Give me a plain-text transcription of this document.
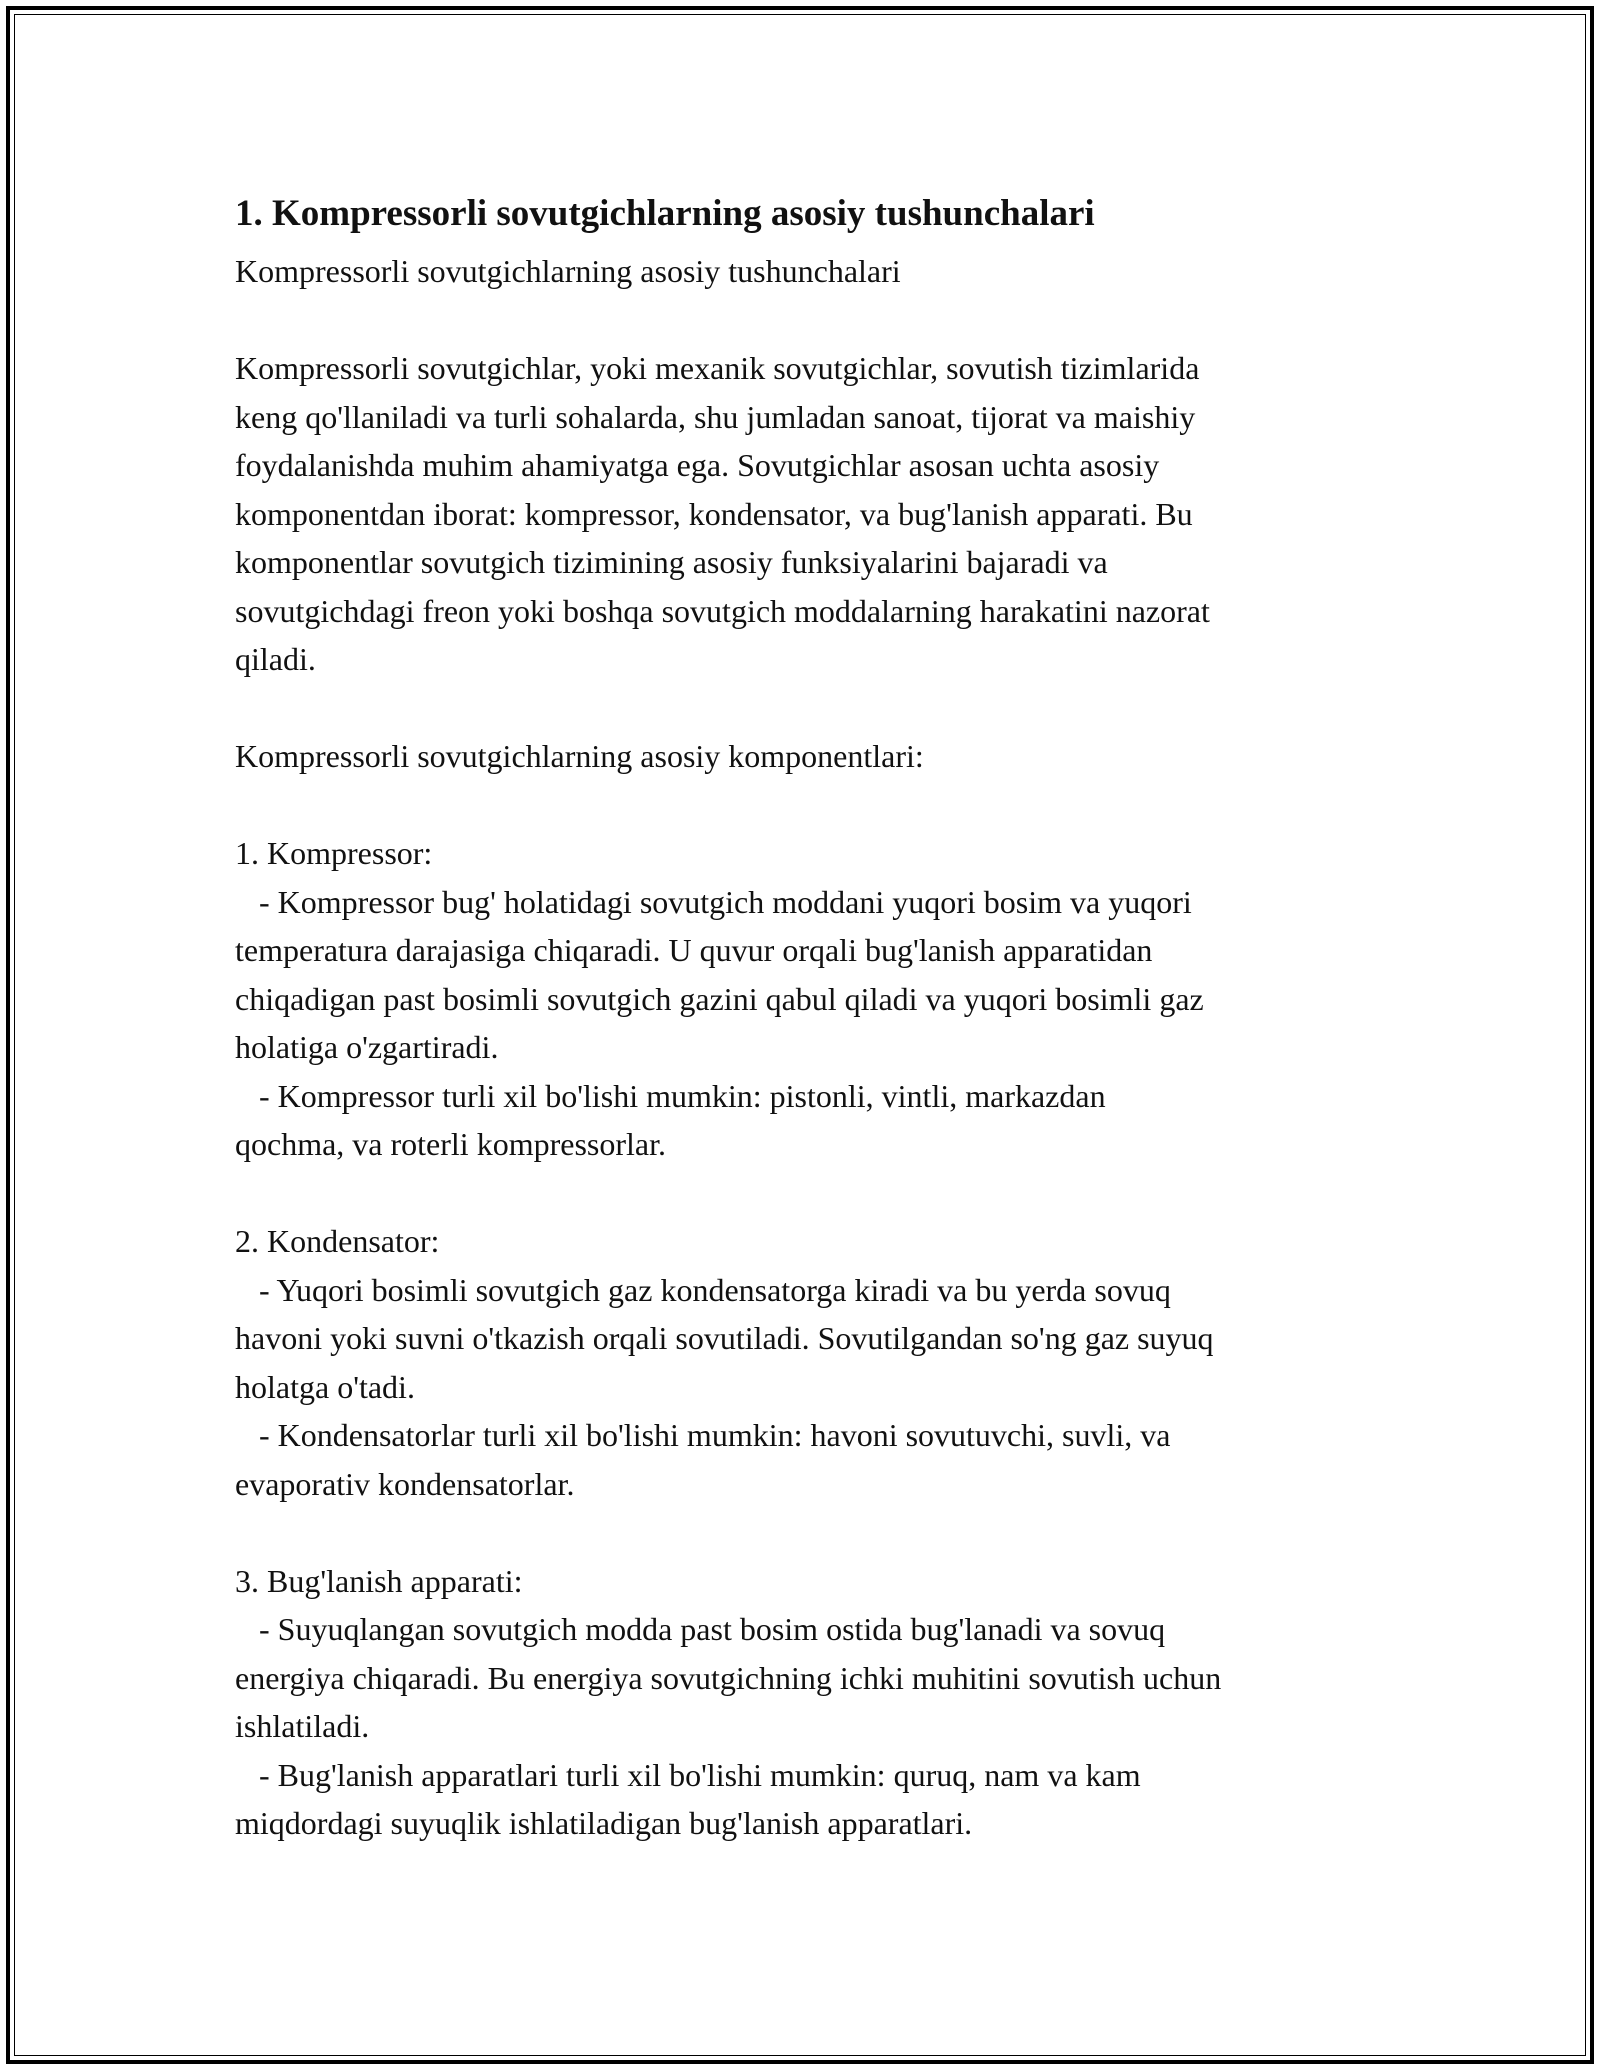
1. Kompressorli sovutgichlarning asosiy tushunchalari

Kompressorli sovutgichlarning asosiy tushunchalari

Kompressorli sovutgichlar, yoki mexanik sovutgichlar, sovutish tizimlarida

keng qo'llaniladi va turli sohalarda, shu jumladan sanoat, tijorat va maishiy

foydalanishda muhim ahamiyatga ega. Sovutgichlar asosan uchta asosiy

komponentdan iborat: kompressor, kondensator, va bug'lanish apparati. Bu

komponentlar sovutgich tizimining asosiy funksiyalarini bajaradi va

sovutgichdagi freon yoki boshqa sovutgich moddalarning harakatini nazorat

qiladi.

Kompressorli sovutgichlarning asosiy komponentlari:

1. Kompressor:

- Kompressor bug' holatidagi sovutgich moddani yuqori bosim va yuqori

temperatura darajasiga chiqaradi. U quvur orqali bug'lanish apparatidan

chiqadigan past bosimli sovutgich gazini qabul qiladi va yuqori bosimli gaz

holatiga o'zgartiradi.

- Kompressor turli xil bo'lishi mumkin: pistonli, vintli, markazdan

qochma, va roterli kompressorlar.

2. Kondensator:

- Yuqori bosimli sovutgich gaz kondensatorga kiradi va bu yerda sovuq

havoni yoki suvni o'tkazish orqali sovutiladi. Sovutilgandan so'ng gaz suyuq

holatga o'tadi.

- Kondensatorlar turli xil bo'lishi mumkin: havoni sovutuvchi, suvli, va

evaporativ kondensatorlar.

3. Bug'lanish apparati:

- Suyuqlangan sovutgich modda past bosim ostida bug'lanadi va sovuq

energiya chiqaradi. Bu energiya sovutgichning ichki muhitini sovutish uchun

ishlatiladi.

- Bug'lanish apparatlari turli xil bo'lishi mumkin: quruq, nam va kam

miqdordagi suyuqlik ishlatiladigan bug'lanish apparatlari.
